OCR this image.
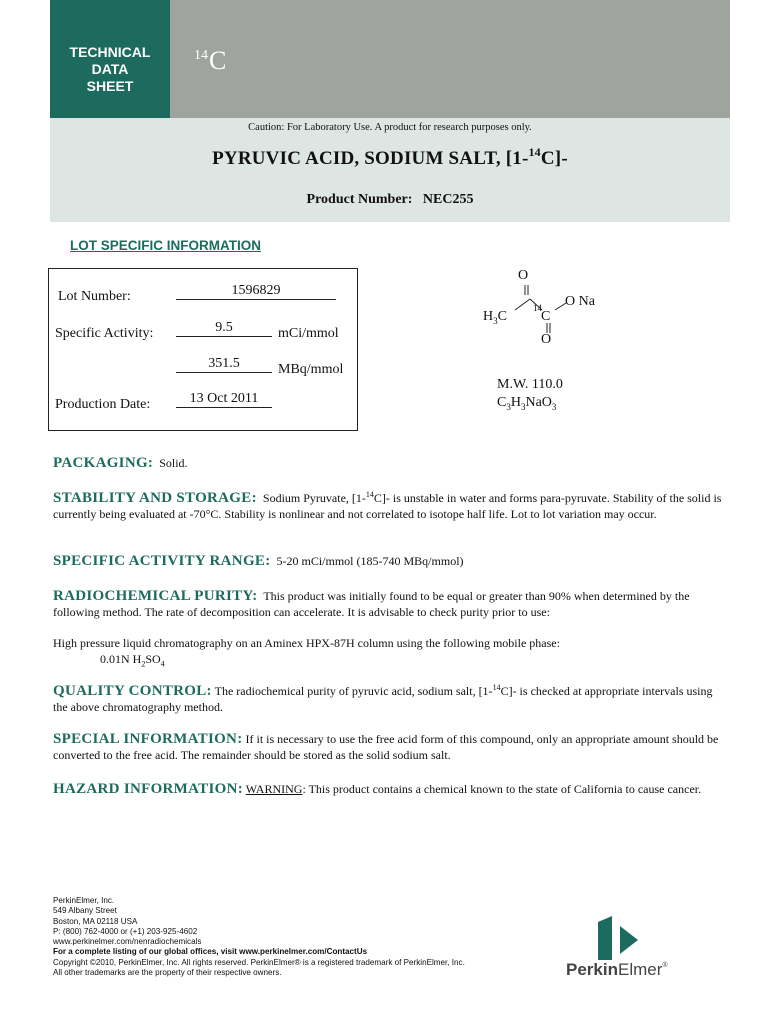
TECHNICAL
DATA
SHEET
$^{14}$C
Caution: For Laboratory Use. A product for research purposes only.
PYRUVIC ACID, SODIUM SALT, [1-$^{14}$C]-
Product Number:   NEC255
LOT SPECIFIC INFORMATION
Lot Number:	1596829
Specific Activity:	9.5	mCi/mmol
351.5	MBq/mmol
Production Date:	13 Oct 2011
O
$H_3C$
14
C
O Na
O
M.W. 110.0
$C_3H_3NaO_3$
PACKAGING: Solid.
STABILITY AND STORAGE: Sodium Pyruvate, [1-$^{14}$C]- is unstable in water and forms para-pyruvate. Stability of the solid is currently being evaluated at -70°C. Stability is nonlinear and not correlated to isotope half life. Lot to lot variation may occur.
SPECIFIC ACTIVITY RANGE: 5-20 mCi/mmol (185-740 MBq/mmol)
RADIOCHEMICAL PURITY: This product was initially found to be equal or greater than 90% when determined by the following method. The rate of decomposition can accelerate. It is advisable to check purity prior to use:
High pressure liquid chromatography on an Aminex HPX-87H column using the following mobile phase:
0.01N $H_2SO_4$
QUALITY CONTROL: The radiochemical purity of pyruvic acid, sodium salt, [1-$^{14}$C]- is checked at appropriate intervals using the above chromatography method.
SPECIAL INFORMATION: If it is necessary to use the free acid form of this compound, only an appropriate amount should be converted to the free acid. The remainder should be stored as the solid sodium salt.
HAZARD INFORMATION: WARNING: This product contains a chemical known to the state of California to cause cancer.
PerkinElmer, Inc.
549 Albany Street
Boston, MA 02118 USA
P: (800) 762-4000 or (+1) 203-925-4602
www.perkinelmer.com/nenradiochemicals
For a complete listing of our global offices, visit www.perkinelmer.com/ContactUs
Copyright ©2010, PerkinElmer, Inc. All rights reserved. PerkinElmer® is a registered trademark of PerkinElmer, Inc.
All other trademarks are the property of their respective owners.	PerkinElmer®
